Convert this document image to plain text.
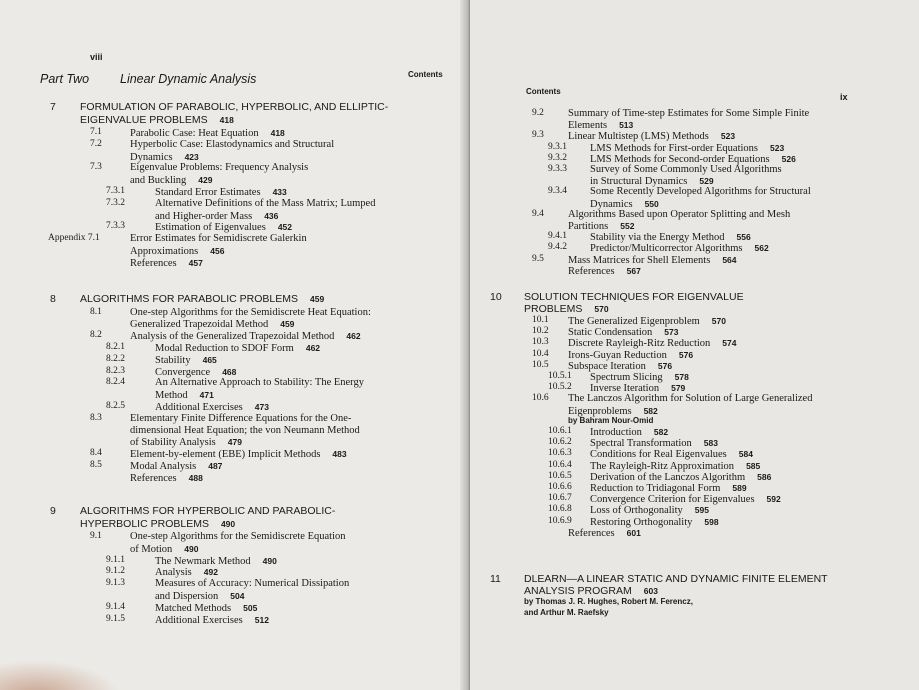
viii
Contents
Part Two Linear Dynamic Analysis
7 FORMULATION OF PARABOLIC, HYPERBOLIC, AND ELLIPTIC-
EIGENVALUE PROBLEMS 418
7.1	Parabolic Case: Heat Equation 418
7.2	Hyperbolic Case: Elastodynamics and Structural
Dynamics 423
7.3	Eigenvalue Problems: Frequency Analysis
and Buckling 429
7.3.1	Standard Error Estimates 433
7.3.2	Alternative Definitions of the Mass Matrix; Lumped
and Higher-order Mass 436
7.3.3	Estimation of Eigenvalues 452
Appendix 7.1	Error Estimates for Semidiscrete Galerkin
Approximations 456
References 457
8 ALGORITHMS FOR PARABOLIC PROBLEMS 459
8.1	One-step Algorithms for the Semidiscrete Heat Equation:
Generalized Trapezoidal Method 459
8.2	Analysis of the Generalized Trapezoidal Method 462
8.2.1	Modal Reduction to SDOF Form 462
8.2.2	Stability 465
8.2.3	Convergence 468
8.2.4	An Alternative Approach to Stability: The Energy
Method 471
8.2.5	Additional Exercises 473
8.3	Elementary Finite Difference Equations for the One-
dimensional Heat Equation; the von Neumann Method
of Stability Analysis 479
8.4	Element-by-element (EBE) Implicit Methods 483
8.5	Modal Analysis 487
References 488
9 ALGORITHMS FOR HYPERBOLIC AND PARABOLIC-
HYPERBOLIC PROBLEMS 490
9.1	One-step Algorithms for the Semidiscrete Equation
of Motion 490
9.1.1	The Newmark Method 490
9.1.2	Analysis 492
9.1.3	Measures of Accuracy: Numerical Dissipation
and Dispersion 504
9.1.4	Matched Methods 505
9.1.5	Additional Exercises 512
Contents
ix
9.2 Summary of Time-step Estimates for Some Simple Finite
Elements 513
9.3 Linear Multistep (LMS) Methods 523
9.3.1 LMS Methods for First-order Equations 523
9.3.2 LMS Methods for Second-order Equations 526
9.3.3 Survey of Some Commonly Used Algorithms
in Structural Dynamics 529
9.3.4 Some Recently Developed Algorithms for Structural
Dynamics 550
9.4 Algorithms Based upon Operator Splitting and Mesh
Partitions 552
9.4.1 Stability via the Energy Method 556
9.4.2 Predictor/Multicorrector Algorithms 562
9.5 Mass Matrices for Shell Elements 564
References 567
10 SOLUTION TECHNIQUES FOR EIGENVALUE
PROBLEMS 570
10.1 The Generalized Eigenproblem 570
10.2 Static Condensation 573
10.3 Discrete Rayleigh-Ritz Reduction 574
10.4 Irons-Guyan Reduction 576
10.5 Subspace Iteration 576
10.5.1 Spectrum Slicing 578
10.5.2 Inverse Iteration 579
10.6 The Lanczos Algorithm for Solution of Large Generalized
Eigenproblems 582
by Bahram Nour-Omid
10.6.1 Introduction 582
10.6.2 Spectral Transformation 583
10.6.3 Conditions for Real Eigenvalues 584
10.6.4 The Rayleigh-Ritz Approximation 585
10.6.5 Derivation of the Lanczos Algorithm 586
10.6.6 Reduction to Tridiagonal Form 589
10.6.7 Convergence Criterion for Eigenvalues 592
10.6.8 Loss of Orthogonality 595
10.6.9 Restoring Orthogonality 598
References 601
11 DLEARN—A LINEAR STATIC AND DYNAMIC FINITE ELEMENT
ANALYSIS PROGRAM 603
by Thomas J. R. Hughes, Robert M. Ferencz,
and Arthur M. Raefsky
